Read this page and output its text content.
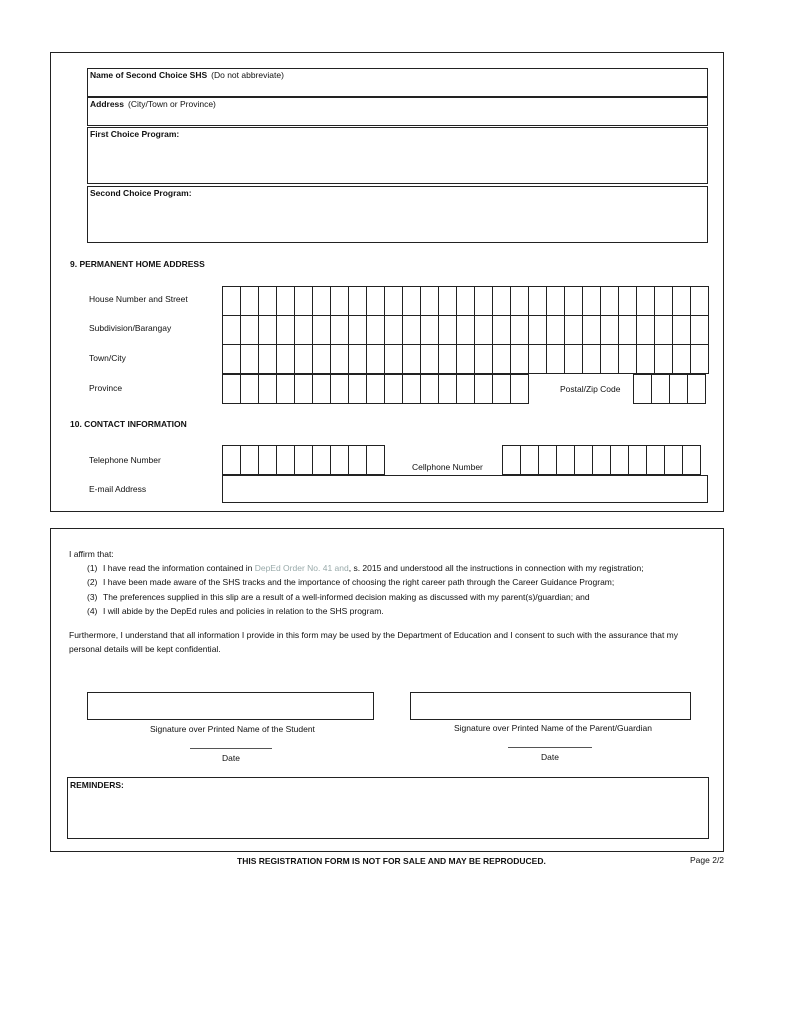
Name of Second Choice SHS (Do not abbreviate)
Address (City/Town or Province)
First Choice Program:
Second Choice Program:
9. PERMANENT HOME ADDRESS
House Number and Street
Subdivision/Barangay
Town/City
Province	Postal/Zip Code
10. CONTACT INFORMATION
Telephone Number
Cellphone Number
E-mail Address
I affirm that:
(1) I have read the information contained in DepEd Order No. 41 and, s. 2015 and understood all the instructions in connection with my registration;
(2) I have been made aware of the SHS tracks and the importance of choosing the right career path through the Career Guidance Program;
(3) The preferences supplied in this slip are a result of a well-informed decision making as discussed with my parent(s)/guardian; and
(4) I will abide by the DepEd rules and policies in relation to the SHS program.
Furthermore, I understand that all information I provide in this form may be used by the Department of Education and I consent to such with the assurance that my personal details will be kept confidential.
Signature over Printed Name of the Student	Signature over Printed Name of the Parent/Guardian
Date	Date
REMINDERS:
THIS REGISTRATION FORM IS NOT FOR SALE AND MAY BE REPRODUCED.	Page 2/2
